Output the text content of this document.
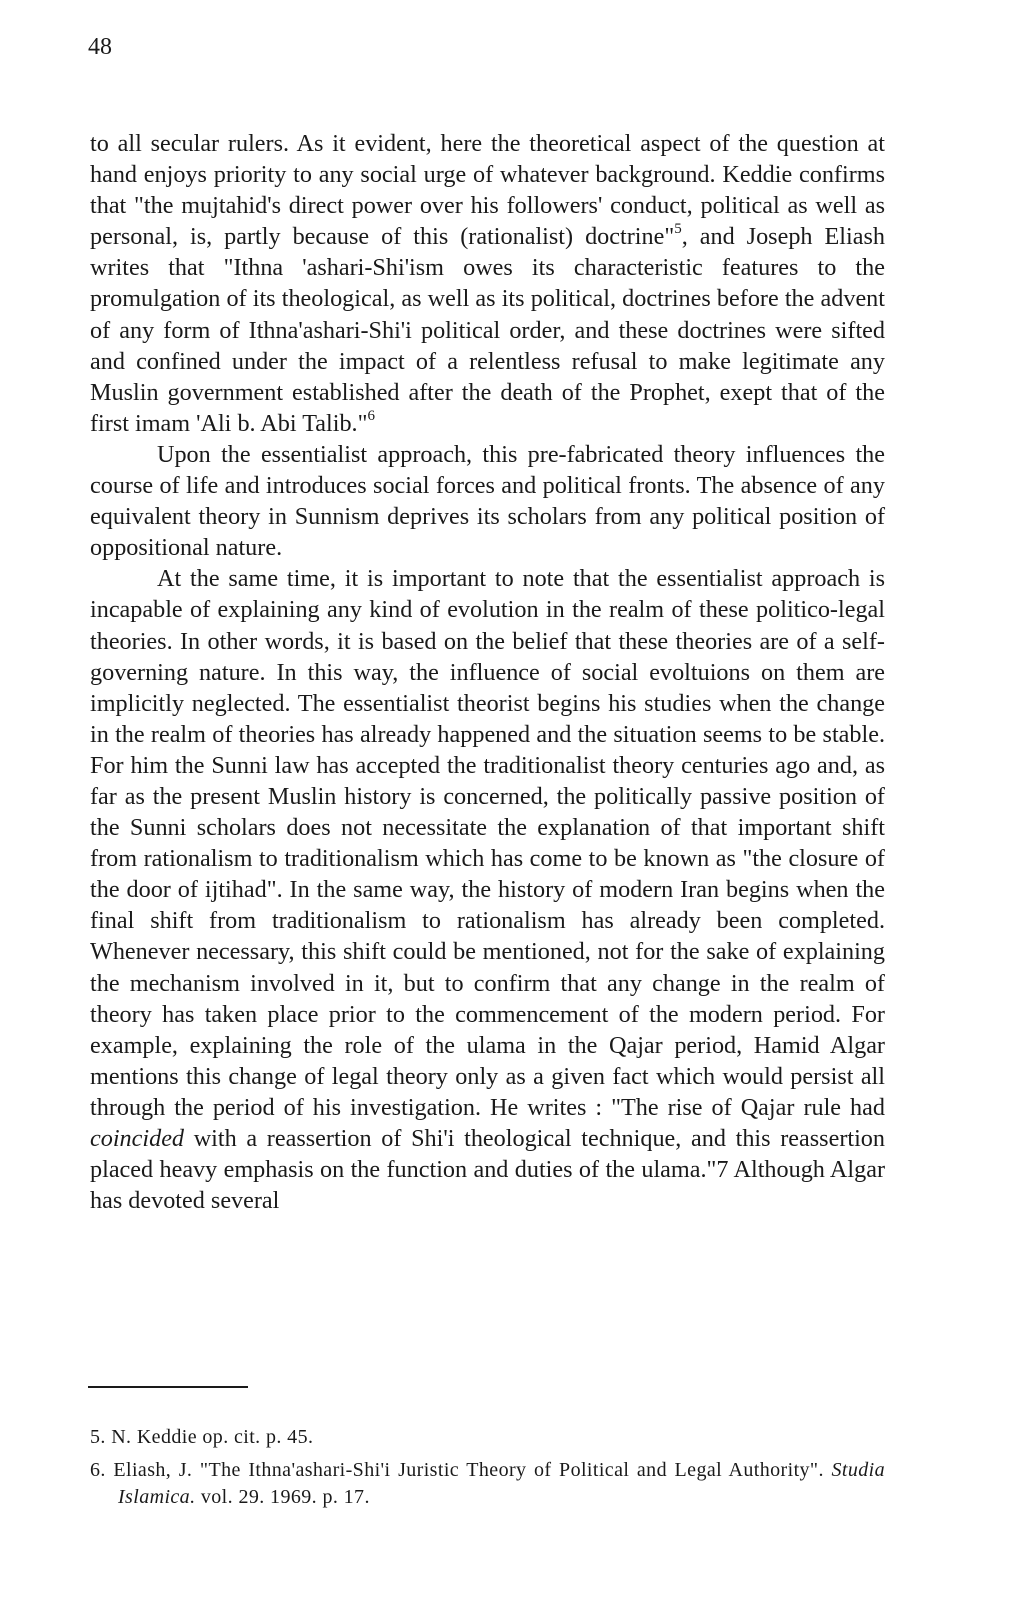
48

to all secular rulers. As it evident, here the theoretical aspect of the question at hand enjoys priority to any social urge of whatever background. Keddie confirms that "the mujtahid's direct power over his followers' conduct, political as well as personal, is, partly because of this (rationalist) doctrine"$^5$, and Joseph Eliash writes that "Ithna 'ashari-Shi'ism owes its characteristic features to the promulgation of its theological, as well as its political, doctrines before the advent of any form of Ithna'ashari-Shi'i political order, and these doctrines were sifted and confined under the impact of a relentless refusal to make legitimate any Muslin government established after the death of the Prophet, exept that of the first imam 'Ali b. Abi Talib."$^6$

Upon the essentialist approach, this pre-fabricated theory influences the course of life and introduces social forces and political fronts. The absence of any equivalent theory in Sunnism deprives its scholars from any political position of oppositional nature.

At the same time, it is important to note that the essentialist approach is incapable of explaining any kind of evolution in the realm of these politico-legal theories. In other words, it is based on the belief that these theories are of a self-governing nature. In this way, the influence of social evoltuions on them are implicitly neglected. The essentialist theorist begins his studies when the change in the realm of theories has already happened and the situation seems to be stable. For him the Sunni law has accepted the traditionalist theory centuries ago and, as far as the present Muslin history is concerned, the politically passive position of the Sunni scholars does not necessitate the explanation of that important shift from rationalism to traditionalism which has come to be known as "the closure of the door of ijtihad". In the same way, the history of modern Iran begins when the final shift from traditionalism to rationalism has already been completed. Whenever necessary, this shift could be mentioned, not for the sake of explaining the mechanism involved in it, but to confirm that any change in the realm of theory has taken place prior to the commencement of the modern period. For example, explaining the role of the ulama in the Qajar period, Hamid Algar mentions this change of legal theory only as a given fact which would persist all through the period of his investigation. He writes : "The rise of Qajar rule had coincided with a reassertion of Shi'i theological technique, and this reassertion placed heavy emphasis on the function and duties of the ulama."7 Although Algar has devoted several

5. N. Keddie op. cit. p. 45.

6. Eliash, J. "The Ithna'ashari-Shi'i Juristic Theory of Political and Legal Authority". Studia Islamica. vol. 29. 1969. p. 17.
